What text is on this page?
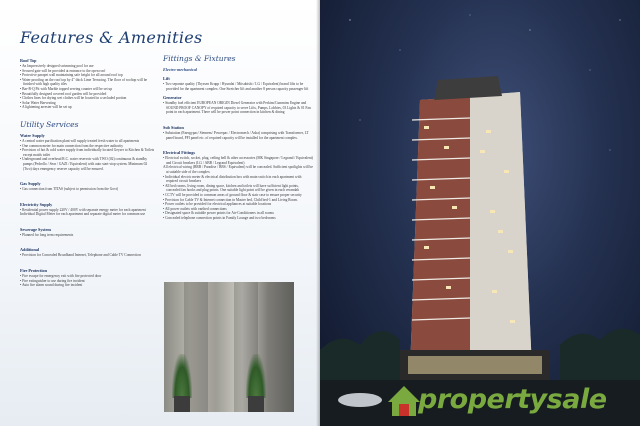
Features & Amenities
Roof Top

• An Impressively designed swimming pool for use

• Secured gate will be provided at entrance to the open roof

• Protective parapet wall maintaining safe height for all around roof top

• Water proofing on the roof top by 4" thick Lime Terracing. The floor of rooftop will be finished with high quality tiles

• Bar-B-Q Pit with Marble topped serving counter will be set up

• Beautifully designed covered roof garden will be provided

• Clothes lines for drying wet clothes will be located in a secluded portion

• Solar Water Harvesting

• A lightening arrester will be set up

Utility Services
Water Supply

• A central water purification plant will supply treated fresh water to all apartments

• One common meter for main connection from the respective authority

• Provision of hot & cold water supply from individually located Geyser to Kitchen & Toilets except maids toilet

• Underground and overhead R.C. water reservoir with TWO (02) continuous & standby pumps (Pedrollo / Sear / GAZI / Equivalent) with auto start-stop system. Minimum 02 (Two) days emergency reserve capacity will be ensured.

Gas Supply

• Gas connection from TITAS (subject to permission from the Govt)

Electricity Supply

• Residential power supply 220V / 400V with separate energy meter for each apartment

Individual Digital Meter for each apartment and separate digital meter for common use

Sewerage System

• Planned for long term requirements

Additional

• Provision for Concealed Broadband Internet, Telephone and Cable TV Connection

Fire Protection

• Fire escape for emergency exit with fire protected door

• Fire extinguisher to use during fire incident

• Auto fire alarm sound during fire incident

Fittings & Fixtures
Electro-mechanical
Lift

• Two separate quality (Thyssen Krupp / Hyundai / Mitsubishi / LG / Equivalent) brand lifts to be provided for the apartment complex. One Stretcher lift and another 8 person capacity passenger lift

Generator

• Standby fuel efficient EUROPEAN ORIGIN Diesel Generator with Perkins/Cummins Engine and SOUND PROOF CANOPY of required capacity to serve Lifts, Pumps, Lobbies, 03 Lights & 01 Fan point in each apartment. There will be power point connection in kitchen & dining

Sub Station

• Substation (Energypac/ Siemens/ Powerpac / Electromech / Asha) comprising with Transformer, LT panel board, PFI panel etc. of required capacity will be installed for the apartment complex.

Electrical Fittings

• Electrical switch, socket, plug, ceiling bell & other accessories (MK Singapore / Legrand / Equivalent) and Circuit breakers (LG / ABB / Legrand Equivalent)

All electrical wiring (BRB / Paradise / BBS / Equivalent) will be concealed. Sufficient spotlights will be at suitable side of the complex

• Individual electric meter & electrical distribution box with main switch in each apartment with required circuit breakers

• All bed rooms, living room, dining space, kitchen and toilets will have sufficient light points, concealed fan hooks and plug points. One suitable light point will be given in each verandah

• CCTV will be provided to common areas of ground floor & stair case to ensure proper security

• Provision for Cable TV & Internet connection in Master bed, Child bed-1 and Living Room.

• Power outlets to be provided for electrical appliances at suitable locations

• All power outlets with earthed connections

• Designated space & suitable power points for Air-Conditioners in all rooms

• Concealed telephone connection points in Family Lounge and two bedrooms

propertysale
